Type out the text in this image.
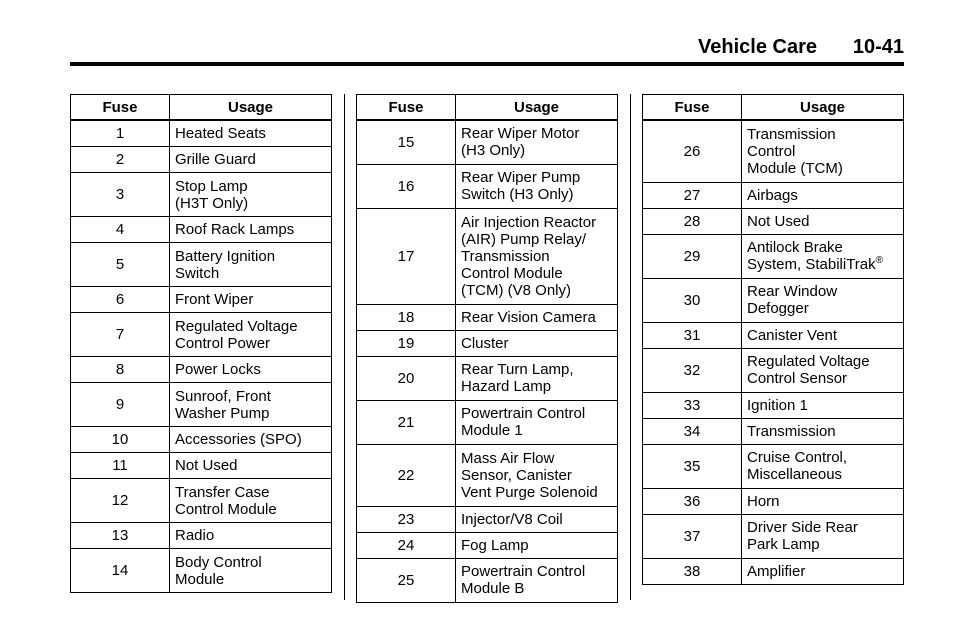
Vehicle Care 10-41
Fuse	Usage
1	Heated Seats
2	Grille Guard
3	Stop Lamp
(H3T Only)
4	Roof Rack Lamps
5	Battery Ignition
Switch
6	Front Wiper
7	Regulated Voltage
Control Power
8	Power Locks
9	Sunroof, Front
Washer Pump
10	Accessories (SPO)
11	Not Used
12	Transfer Case
Control Module
13	Radio
14	Body Control
Module
Fuse	Usage
15	Rear Wiper Motor
(H3 Only)
16	Rear Wiper Pump
Switch (H3 Only)
17	Air Injection Reactor
(AIR) Pump Relay/
Transmission
Control Module
(TCM) (V8 Only)
18	Rear Vision Camera
19	Cluster
20	Rear Turn Lamp,
Hazard Lamp
21	Powertrain Control
Module 1
22	Mass Air Flow
Sensor, Canister
Vent Purge Solenoid
23	Injector/V8 Coil
24	Fog Lamp
25	Powertrain Control
Module B
Fuse	Usage
26	Transmission
Control
Module (TCM)
27	Airbags
28	Not Used
29	Antilock Brake
System, StabiliTrak®
30	Rear Window
Defogger
31	Canister Vent
32	Regulated Voltage
Control Sensor
33	Ignition 1
34	Transmission
35	Cruise Control,
Miscellaneous
36	Horn
37	Driver Side Rear
Park Lamp
38	Amplifier
